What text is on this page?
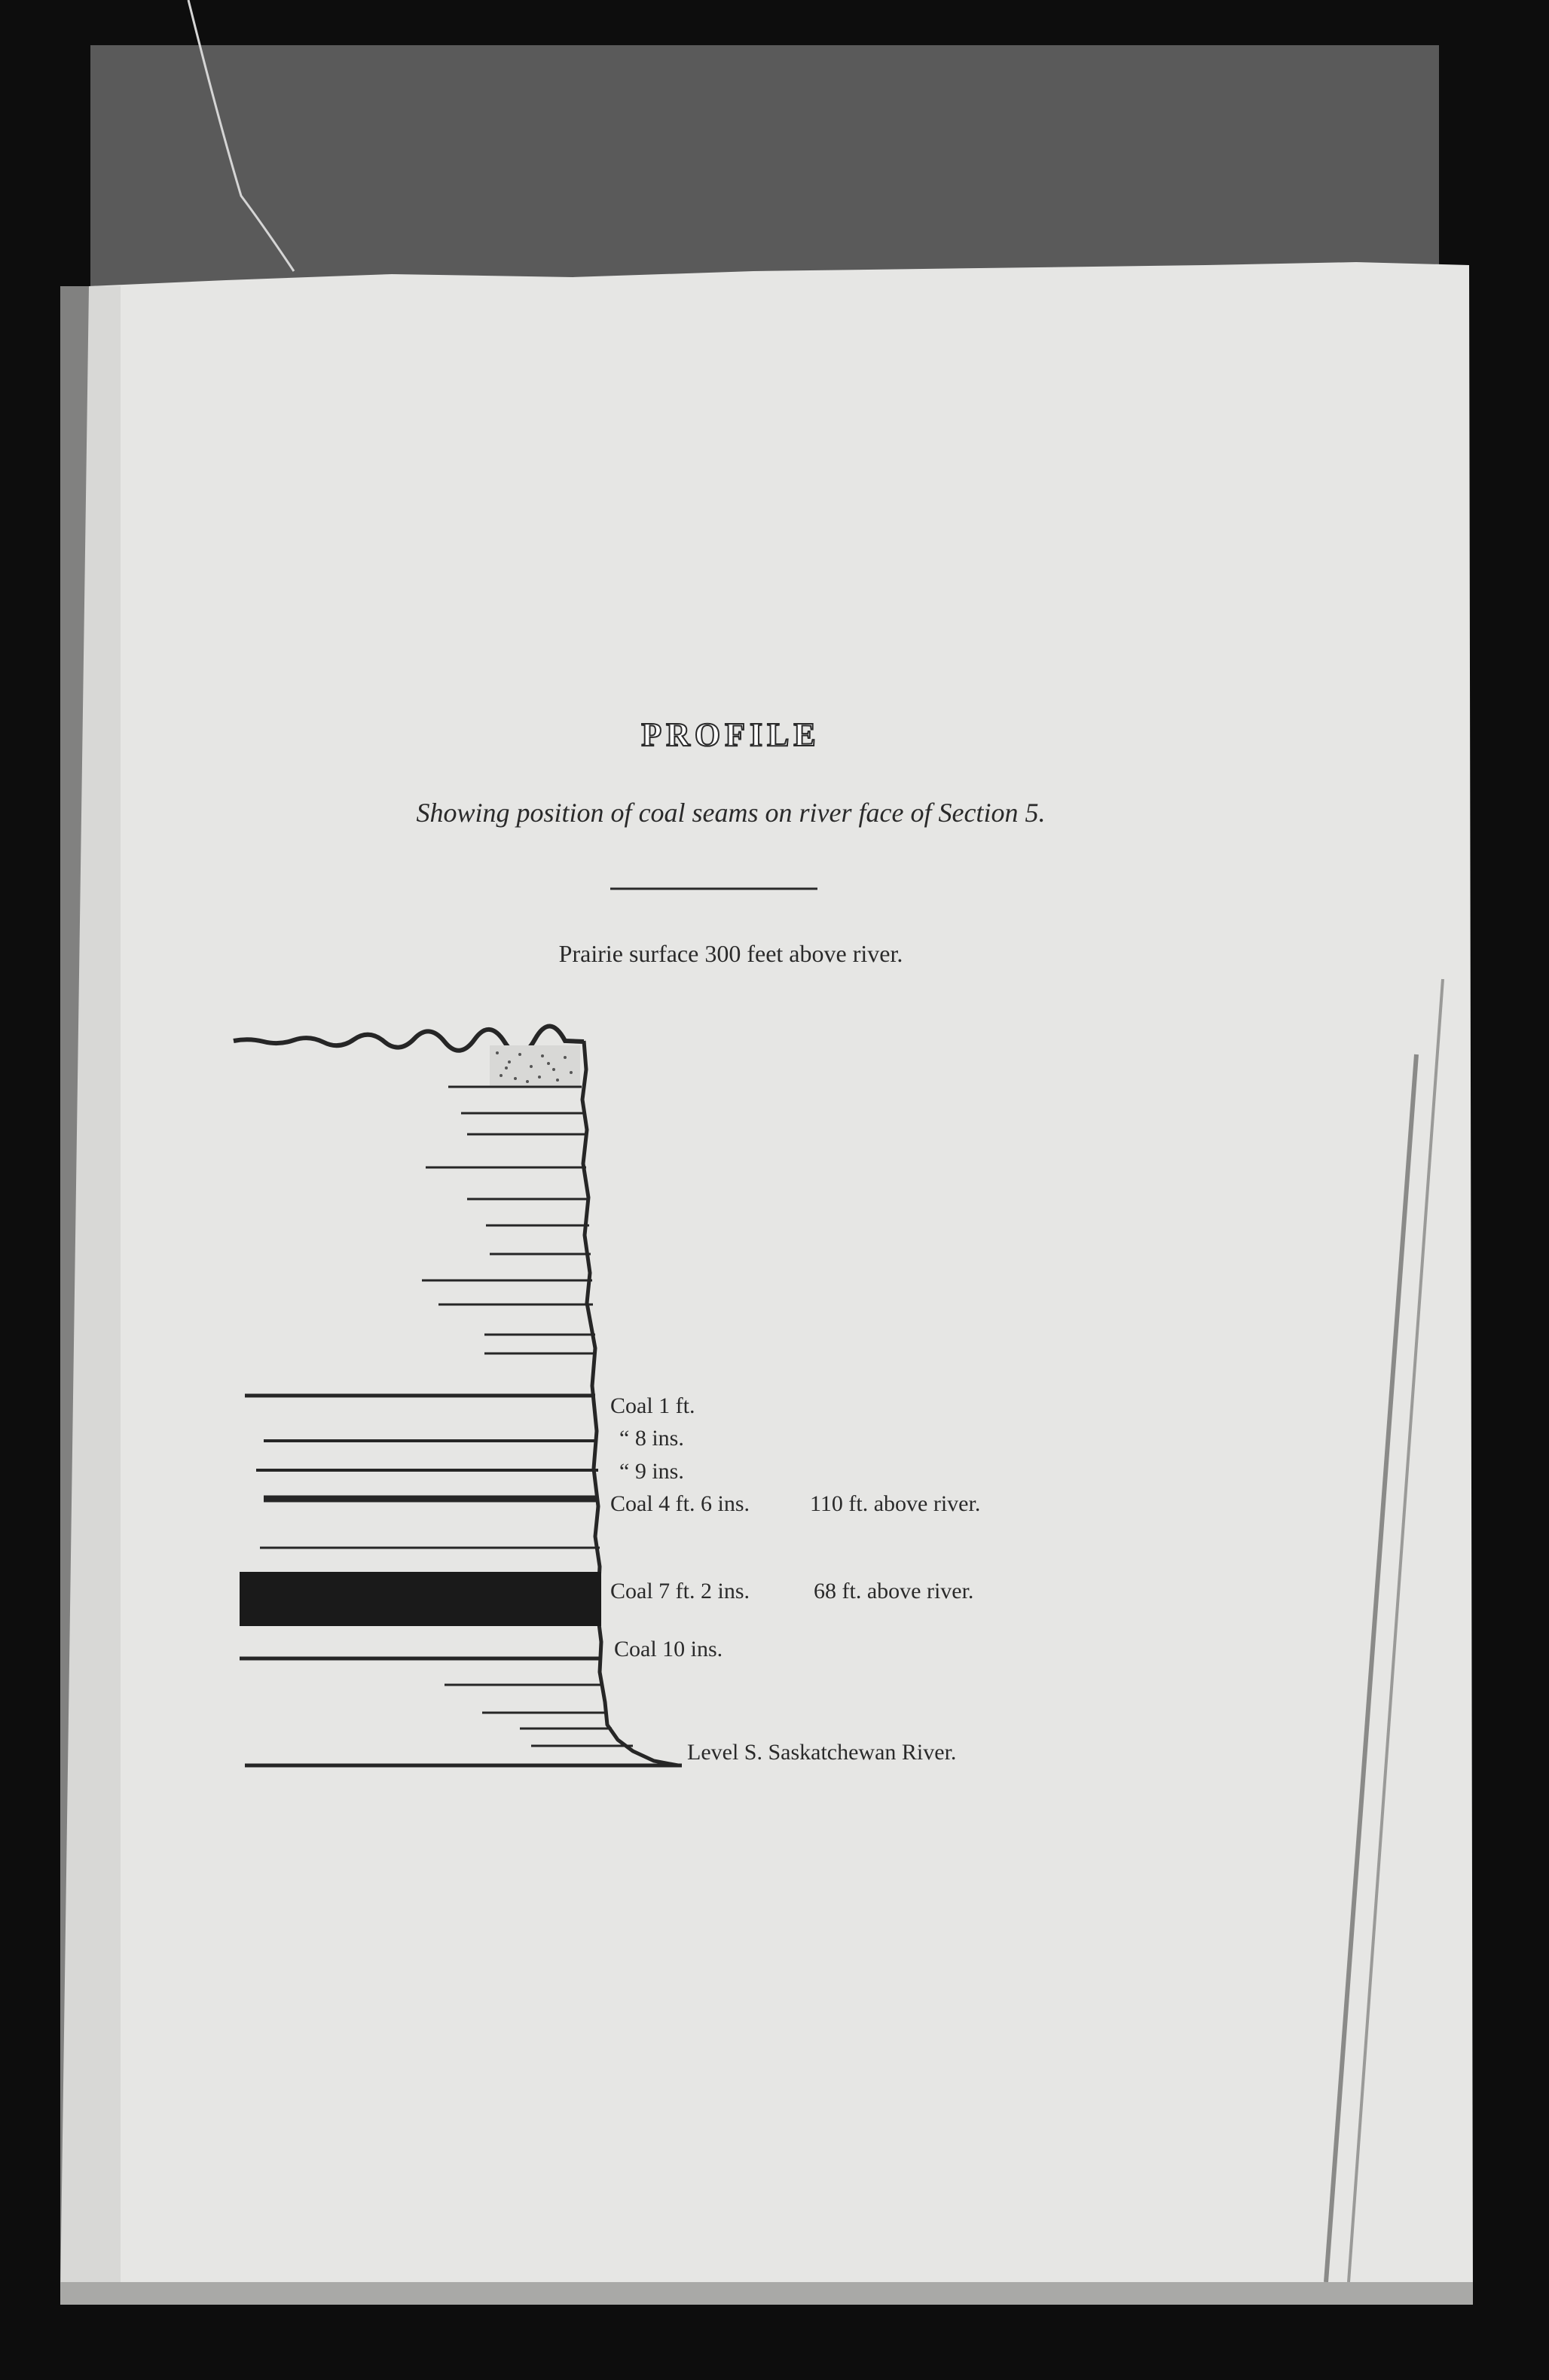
PROFILE
Showing position of coal seams on river face of Section 5.
Prairie surface 300 feet above river.
Coal 1 ft.
“ 8 ins.
“ 9 ins.
Coal 4 ft. 6 ins.	110 ft. above river.
Coal 7 ft. 2 ins.	68 ft. above river.
Coal 10 ins.
Level S. Saskatchewan River.
